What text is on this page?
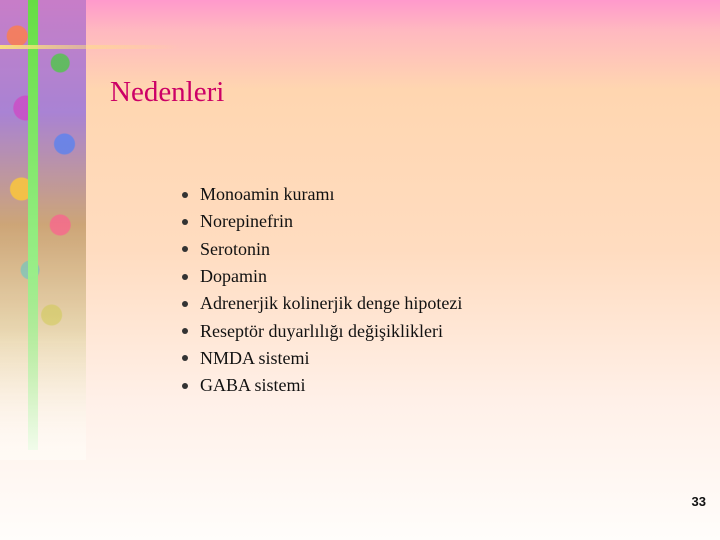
Nedenleri
Monoamin kuramı
Norepinefrin
Serotonin
Dopamin
Adrenerjik kolinerjik denge hipotezi
Reseptör duyarlılığı değişiklikleri
NMDA sistemi
GABA sistemi
33
